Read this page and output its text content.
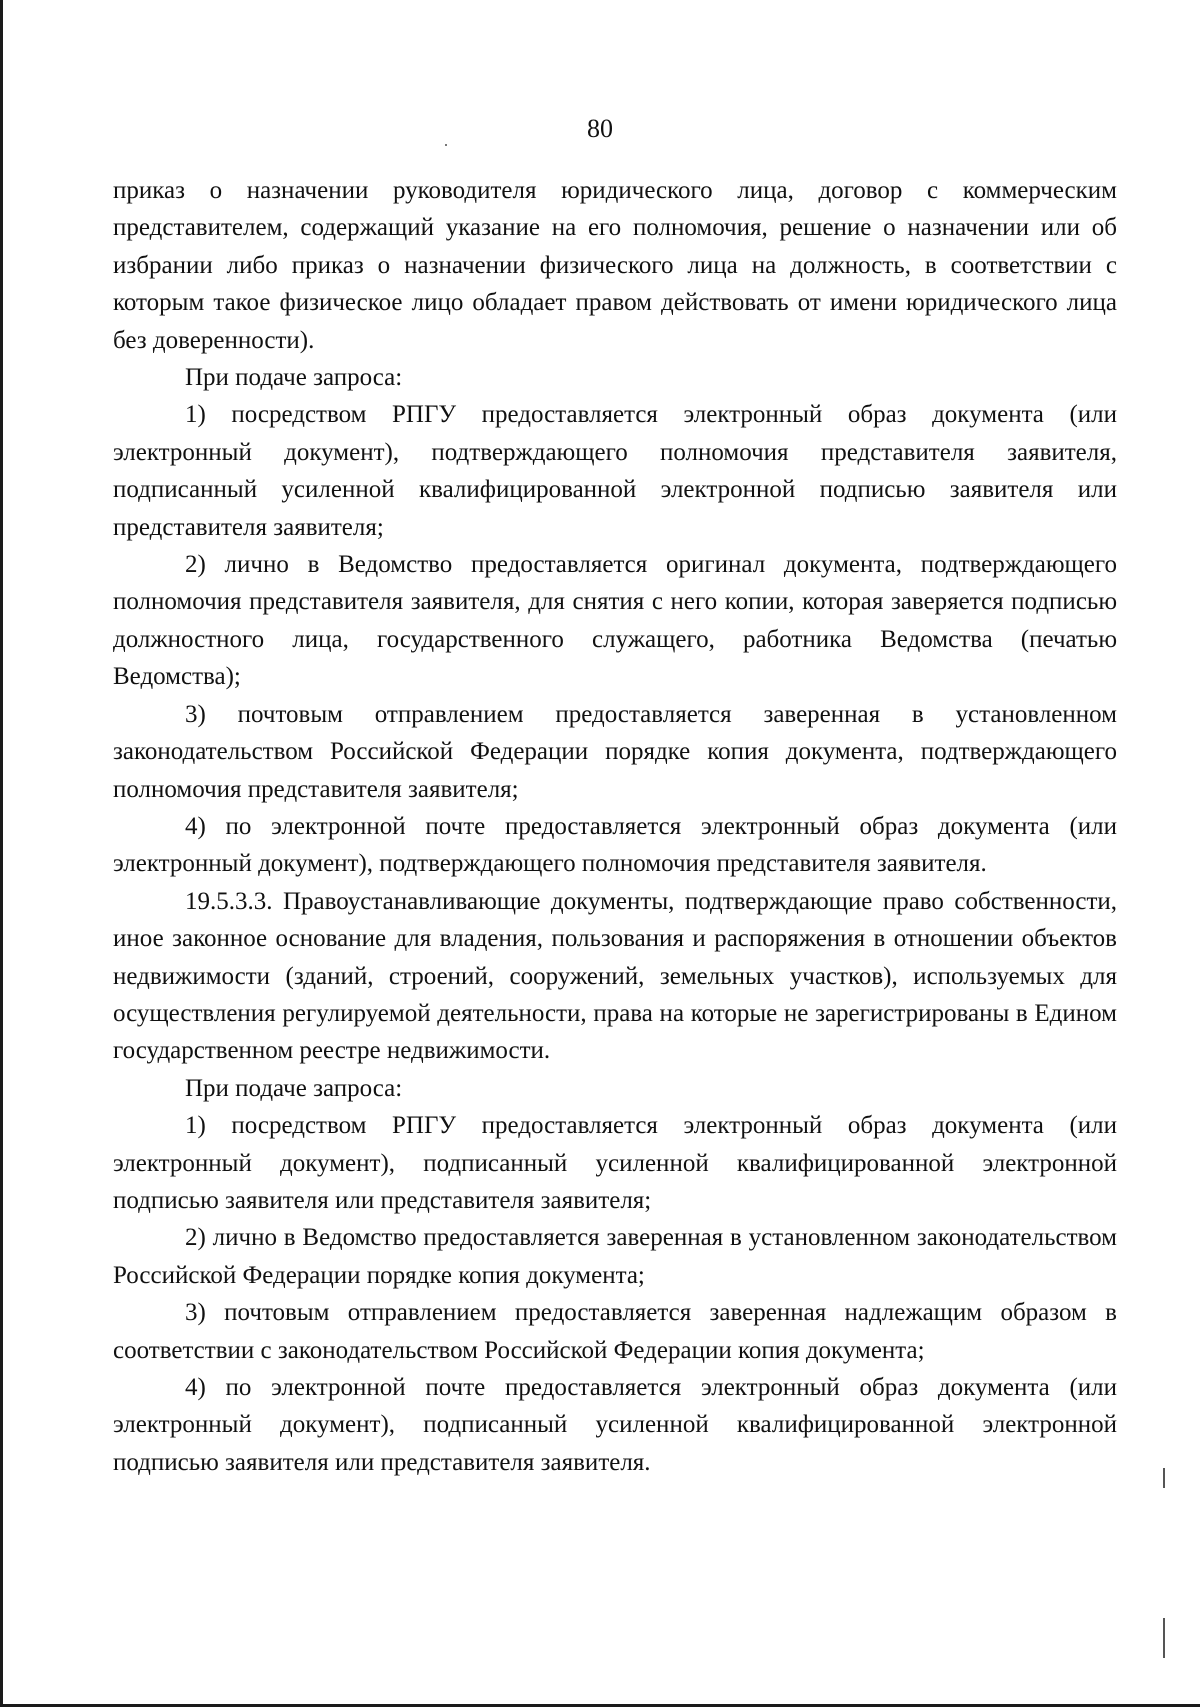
80

приказ о назначении руководителя юридического лица, договор с коммерческим представителем, содержащий указание на его полномочия, решение о назначении или об избрании либо приказ о назначении физического лица на должность, в соответствии с которым такое физическое лицо обладает правом действовать от имени юридического лица без доверенности).

При подаче запроса:

1) посредством РПГУ предоставляется электронный образ документа (или электронный документ), подтверждающего полномочия представителя заявителя, подписанный усиленной квалифицированной электронной подписью заявителя или представителя заявителя;

2) лично в Ведомство предоставляется оригинал документа, подтверждающего полномочия представителя заявителя, для снятия с него копии, которая заверяется подписью должностного лица, государственного служащего, работника Ведомства (печатью Ведомства);

3) почтовым отправлением предоставляется заверенная в установленном законодательством Российской Федерации порядке копия документа, подтверждающего полномочия представителя заявителя;

4) по электронной почте предоставляется электронный образ документа (или электронный документ), подтверждающего полномочия представителя заявителя.

19.5.3.3. Правоустанавливающие документы, подтверждающие право собственности, иное законное основание для владения, пользования и распоряжения в отношении объектов недвижимости (зданий, строений, сооружений, земельных участков), используемых для осуществления регулируемой деятельности, права на которые не зарегистрированы в Едином государственном реестре недвижимости.

При подаче запроса:

1) посредством РПГУ предоставляется электронный образ документа (или электронный документ), подписанный усиленной квалифицированной электронной подписью заявителя или представителя заявителя;

2) лично в Ведомство предоставляется заверенная в установленном законодательством Российской Федерации порядке копия документа;

3) почтовым отправлением предоставляется заверенная надлежащим образом в соответствии с законодательством Российской Федерации копия документа;

4) по электронной почте предоставляется электронный образ документа (или электронный документ), подписанный усиленной квалифицированной электронной подписью заявителя или представителя заявителя.
